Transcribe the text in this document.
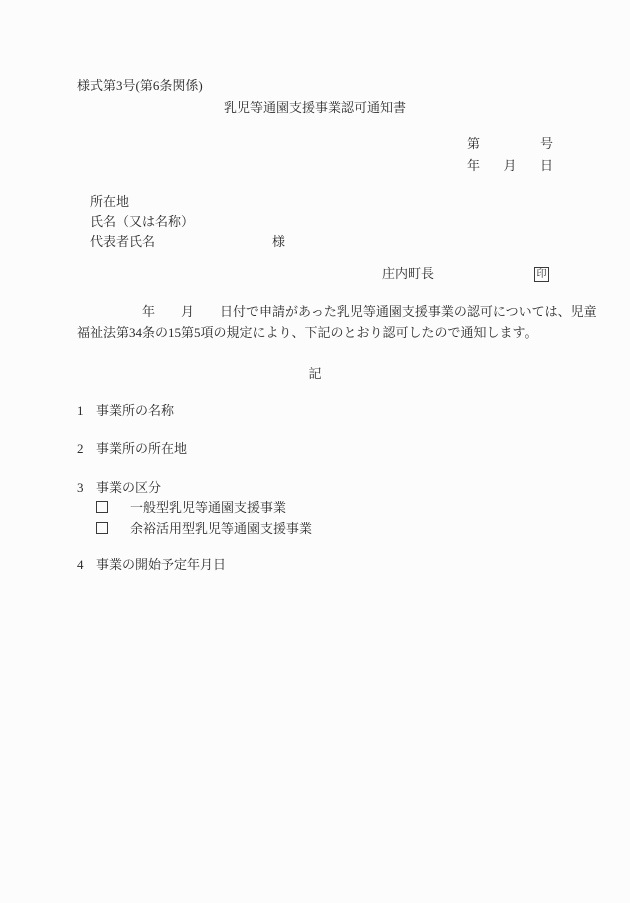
様式第3号(第6条関係)
乳児等通園支援事業認可通知書
第	号
年 月 日
所在地
氏名（又は名称）
代表者氏名	様
庄内町長	印
　　　　　年　　月　　日付で申請があった乳児等通園支援事業の認可については、児童
福祉法第34条の15第5項の規定により、下記のとおり認可したので通知します。
記
1 事業所の名称
2 事業所の所在地
3 事業の区分
一般型乳児等通園支援事業
余裕活用型乳児等通園支援事業
4 事業の開始予定年月日
